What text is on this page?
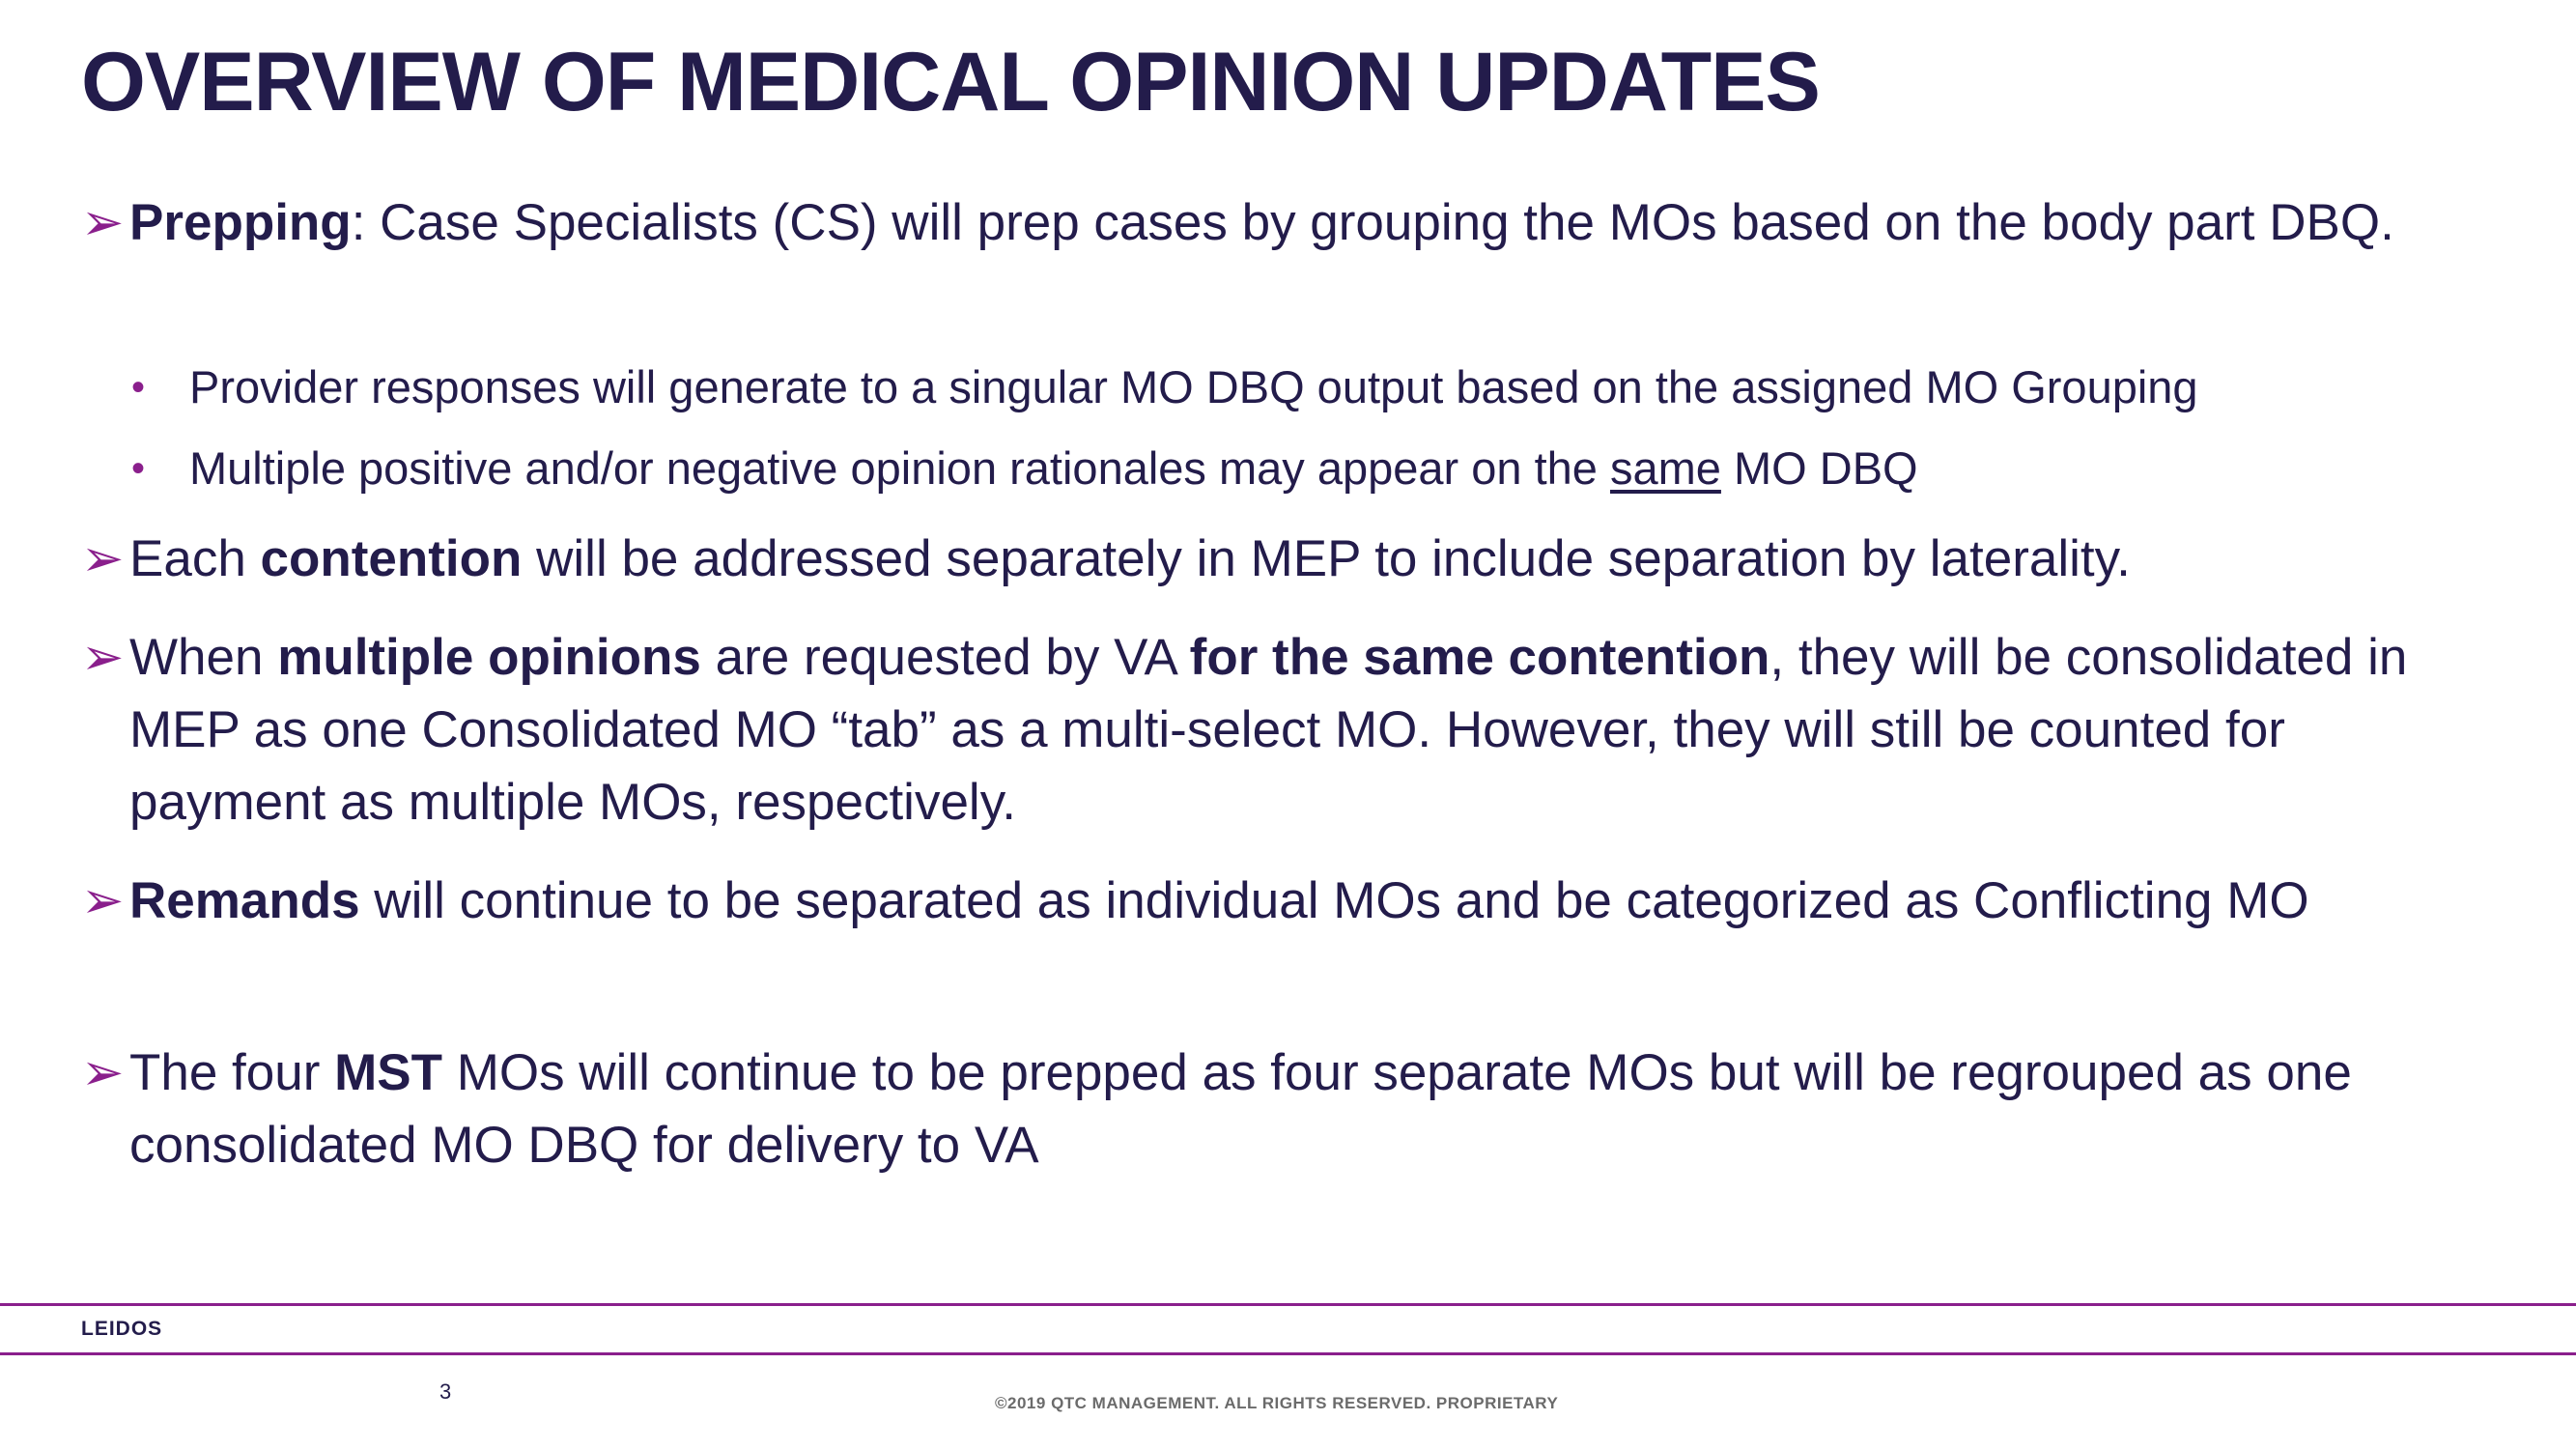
OVERVIEW OF MEDICAL OPINION UPDATES
➢ Prepping: Case Specialists (CS) will prep cases by grouping the MOs based on the body part DBQ.
• Provider responses will generate to a singular MO DBQ output based on the assigned MO Grouping
• Multiple positive and/or negative opinion rationales may appear on the same MO DBQ
➢ Each contention will be addressed separately in MEP to include separation by laterality.
➢ When multiple opinions are requested by VA for the same contention, they will be consolidated in MEP as one Consolidated MO “tab” as a multi-select MO. However, they will still be counted for payment as multiple MOs, respectively.
➢ Remands will continue to be separated as individual MOs and be categorized as Conflicting MO
➢ The four MST MOs will continue to be prepped as four separate MOs but will be regrouped as one consolidated MO DBQ for delivery to VA
LEIDOS
3	©2019 QTC MANAGEMENT. ALL RIGHTS RESERVED. PROPRIETARY
